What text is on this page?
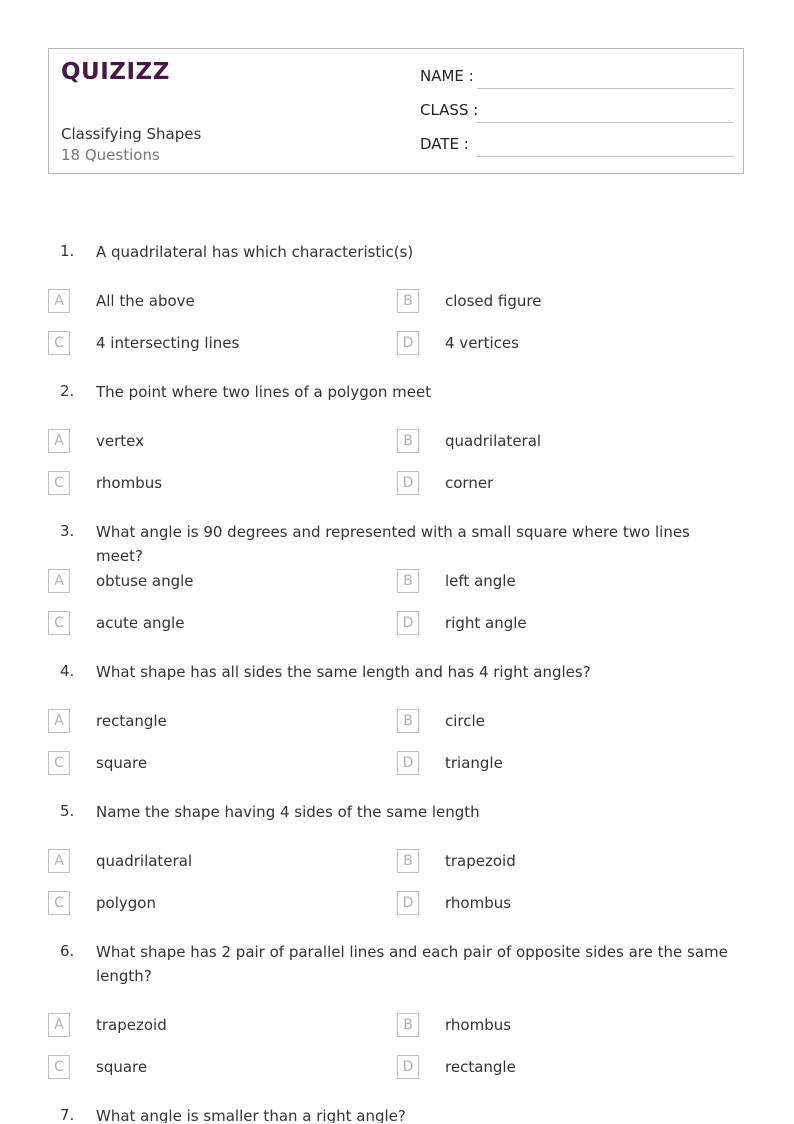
QUIZIZZ
Classifying Shapes
18 Questions
NAME :
CLASS :
DATE :
1. A quadrilateral has which characteristic(s)
A	All the above	B	closed figure
C	4 intersecting lines	D	4 vertices
2. The point where two lines of a polygon meet
A	vertex	B	quadrilateral
C	rhombus	D	corner
3. What angle is 90 degrees and represented with a small square where two lines meet?
A	obtuse angle	B	left angle
C	acute angle	D	right angle
4. What shape has all sides the same length and has 4 right angles?
A	rectangle	B	circle
C	square	D	triangle
5. Name the shape having 4 sides of the same length
A	quadrilateral	B	trapezoid
C	polygon	D	rhombus
6. What shape has 2 pair of parallel lines and each pair of opposite sides are the same length?
A	trapezoid	B	rhombus
C	square	D	rectangle
7. What angle is smaller than a right angle?
